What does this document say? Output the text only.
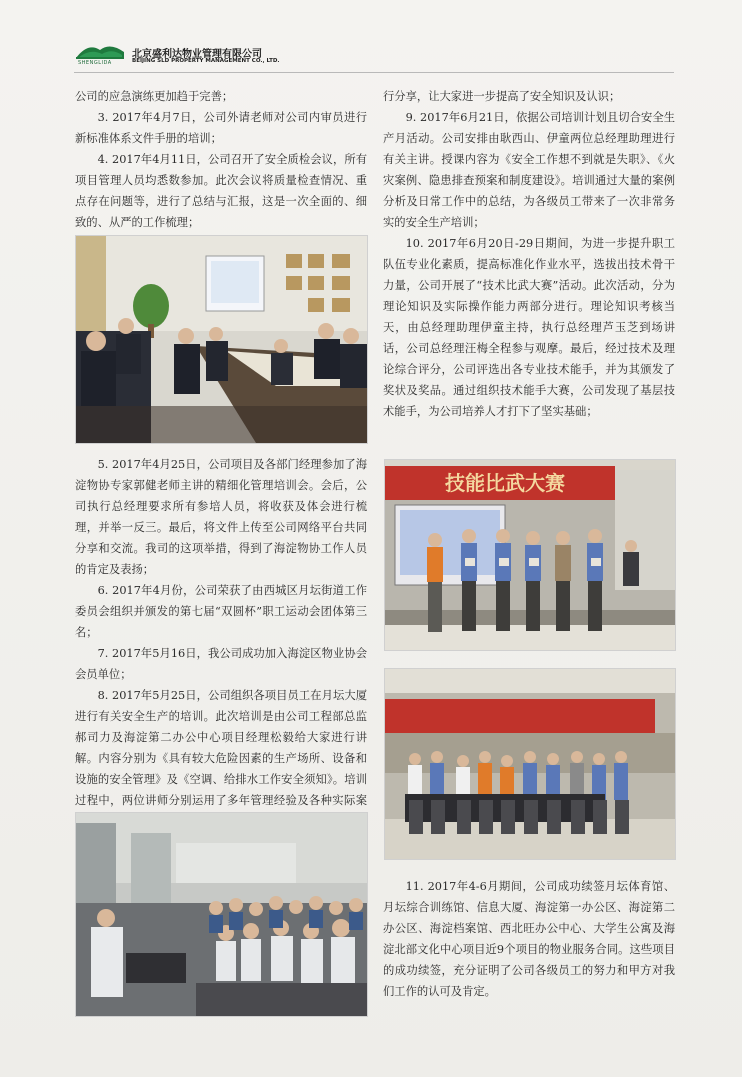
SHENGLIDA
北京盛利达物业管理有限公司
BEIJING SLD PROPERTY MANAGEMENT CO., LTD.

公司的应急演练更加趋于完善；

3. 2017年4月7日，公司外请老师对公司内审员进行新标准体系文件手册的培训；

4. 2017年4月11日，公司召开了安全质检会议，所有项目管理人员均悉数参加。此次会议将质量检查情况、重点存在问题等，进行了总结与汇报，这是一次全面的、细致的、从严的工作梳理；

5. 2017年4月25日，公司项目及各部门经理参加了海淀物协专家郭健老师主讲的精细化管理培训会。会后，公司执行总经理要求所有参培人员，将收获及体会进行梳理，并举一反三。最后，将文件上传至公司网络平台共同分享和交流。我司的这项举措，得到了海淀物协工作人员的肯定及表扬；

6. 2017年4月份，公司荣获了由西城区月坛街道工作委员会组织并颁发的第七届“双圆杯”职工运动会团体第三名；

7. 2017年5月16日，我公司成功加入海淀区物业协会会员单位；

8. 2017年5月25日，公司组织各项目员工在月坛大厦进行有关安全生产的培训。此次培训是由公司工程部总监郝司力及海淀第二办公中心项目经理松毅给大家进行讲解。内容分别为《具有较大危险因素的生产场所、设备和设施的安全管理》及《空调、给排水工作安全须知》。培训过程中，两位讲师分别运用了多年管理经验及各种实际案

行分享，让大家进一步提高了安全知识及认识；

9. 2017年6月21日，依据公司培训计划且切合安全生产月活动。公司安排由耿西山、伊童两位总经理助理进行有关主讲。授课内容为《安全工作想不到就是失职》、《火灾案例、隐患排查预案和制度建设》。培训通过大量的案例分析及日常工作中的总结，为各级员工带来了一次非常务实的安全生产培训；

10. 2017年6月20日-29日期间，为进一步提升职工队伍专业化素质，提高标准化作业水平，选拔出技术骨干力量，公司开展了“技术比武大赛”活动。此次活动，分为理论知识及实际操作能力两部分进行。理论知识考核当天，由总经理助理伊童主持，执行总经理芦玉芝到场讲话，公司总经理汪梅全程参与观摩。最后，经过技术及理论综合评分，公司评选出各专业技术能手，并为其颁发了奖状及奖品。通过组织技术能手大赛，公司发现了基层技术能手，为公司培养人才打下了坚实基础；

技能比武大赛

11. 2017年4-6月期间，公司成功续签月坛体育馆、月坛综合训练馆、信息大厦、海淀第一办公区、海淀第二办公区、海淀档案馆、西北旺办公中心、大学生公寓及海淀北部文化中心项目近9个项目的物业服务合同。这些项目的成功续签，充分证明了公司各级员工的努力和甲方对我们工作的认可及肯定。
